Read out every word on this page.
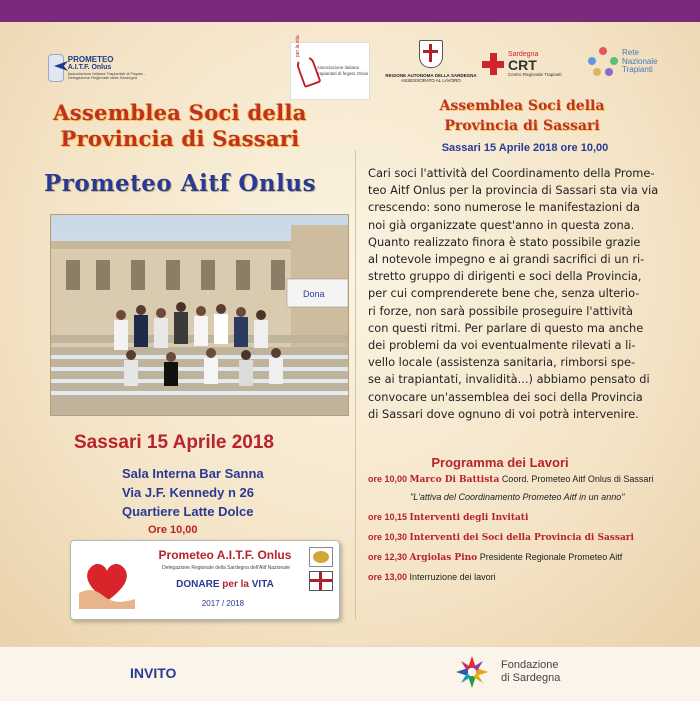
PROMETEO
A.I.T.F. Onlus
Associazione Italiana Trapiantati di Fegato - Delegazione Regionale della Sardegna
per la vita
Associazione italiana trapiantati di fegato Onlus	REGIONE AUTONOMA DELLA SARDEGNA
ASSESSORATO AL LAVORO
Sardegna
CRT
Centro Regionale Trapianti
Rete
Nazionale
Trapianti
Assemblea Soci della
Provincia di Sassari
Prometeo Aitf Onlus
Dona
Sassari 15 Aprile 2018
Sala Interna Bar Sanna
Via J.F. Kennedy n 26
Quartiere Latte Dolce
Ore 10,00
Prometeo A.I.T.F. Onlus
Delegazione Regionale della Sardegna dell'Aitf Nazionale
DONARE per la VITA
2017 / 2018
Assemblea Soci della
Provincia di Sassari
Sassari 15 Aprile 2018 ore 10,00
Cari soci l'attività del Coordinamento della Prome-
teo Aitf Onlus per la provincia di Sassari sta via via
crescendo: sono numerose le manifestazioni da
noi già organizzate quest'anno in questa zona.
Quanto realizzato finora è stato possibile grazie
al notevole impegno e ai grandi sacrifici di un ri-
stretto gruppo di dirigenti e soci della Provincia,
per cui comprenderete bene che, senza ulterio-
ri forze, non sarà possibile proseguire l'attività
con questi ritmi. Per parlare di questo ma anche
dei problemi da voi eventualmente rilevati a li-
vello locale (assistenza sanitaria, rimborsi spe-
se ai trapiantati, invalidità...) abbiamo pensato di
convocare un'assemblea dei soci della Provincia
di Sassari dove ognuno di voi potrà intervenire.
Programma dei Lavori
ore 10,00 Marco Di Battista Coord. Prometeo Aitf Onlus di Sassari
"L'attiva del Coordinamento Prometeo Aitf in un anno"
ore 10,15 Interventi degli Invitati
ore 10,30 Interventi dei Soci della Provincia di Sassari
ore 12,30 Argiolas Pino Presidente Regionale Prometeo Aitf
ore 13,00 Interruzione dei lavori
INVITO	Fondazione
di Sardegna
